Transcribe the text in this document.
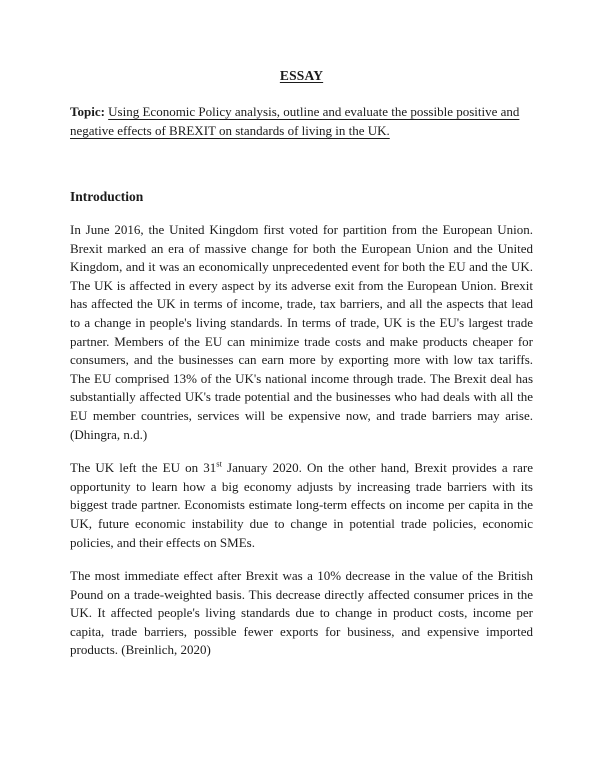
ESSAY

Topic: Using Economic Policy analysis, outline and evaluate the possible positive and negative effects of BREXIT on standards of living in the UK.

Introduction

In June 2016, the United Kingdom first voted for partition from the European Union. Brexit marked an era of massive change for both the European Union and the United Kingdom, and it was an economically unprecedented event for both the EU and the UK. The UK is affected in every aspect by its adverse exit from the European Union. Brexit has affected the UK in terms of income, trade, tax barriers, and all the aspects that lead to a change in people's living standards. In terms of trade, UK is the EU's largest trade partner. Members of the EU can minimize trade costs and make products cheaper for consumers, and the businesses can earn more by exporting more with low tax tariffs. The EU comprised 13% of the UK's national income through trade. The Brexit deal has substantially affected UK's trade potential and the businesses who had deals with all the EU member countries, services will be expensive now, and trade barriers may arise. (Dhingra, n.d.)

The UK left the EU on 31st January 2020. On the other hand, Brexit provides a rare opportunity to learn how a big economy adjusts by increasing trade barriers with its biggest trade partner. Economists estimate long-term effects on income per capita in the UK, future economic instability due to change in potential trade policies, economic policies, and their effects on SMEs.

The most immediate effect after Brexit was a 10% decrease in the value of the British Pound on a trade-weighted basis. This decrease directly affected consumer prices in the UK. It affected people's living standards due to change in product costs, income per capita, trade barriers, possible fewer exports for business, and expensive imported products. (Breinlich, 2020)
